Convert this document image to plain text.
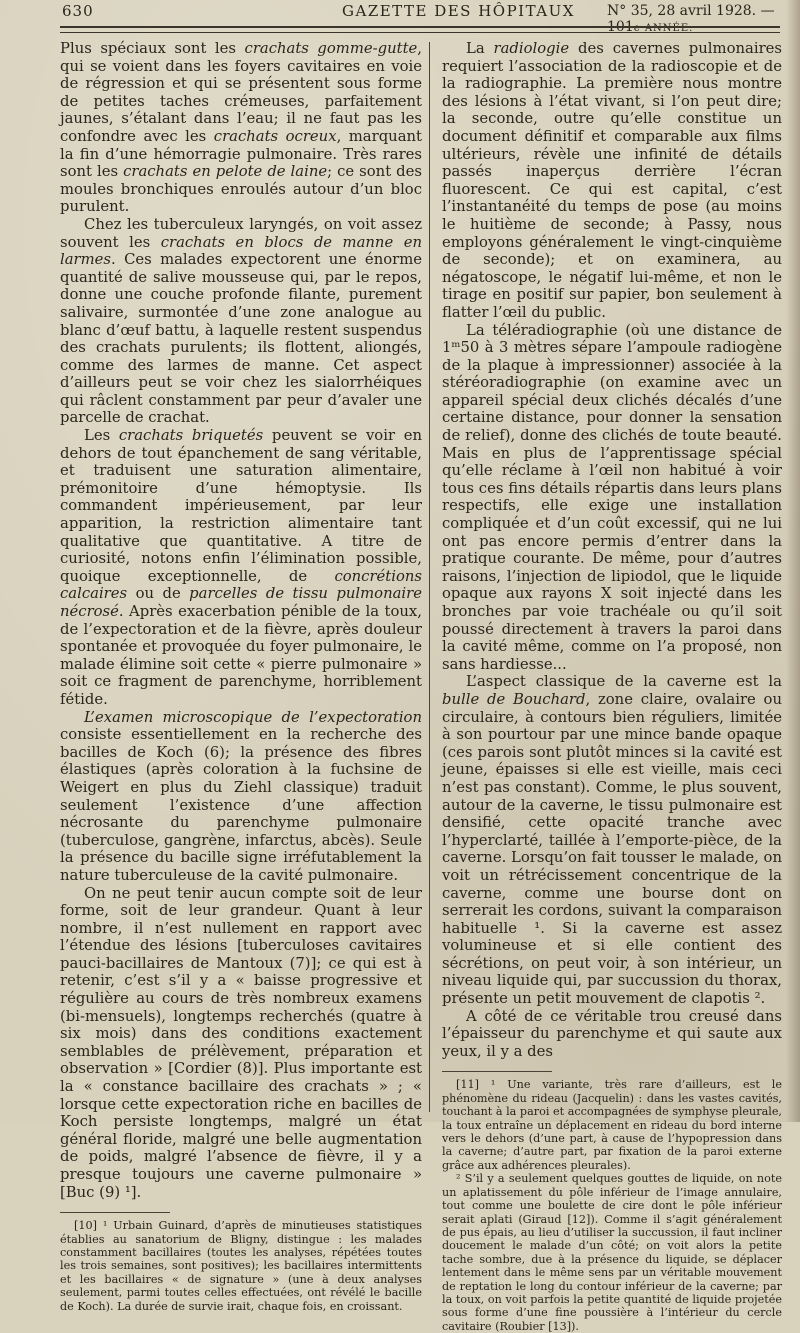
630	GAZETTE DES HÔPITAUX N° 35, 28 avril 1928. — 101e ANNÉE.

Plus spéciaux sont les crachats gomme-gutte, qui se voient dans les foyers cavitaires en voie de régression et qui se présentent sous forme de petites taches crémeuses, parfaitement jaunes, s’étalant dans l’eau; il ne faut pas les confondre avec les crachats ocreux, marquant la fin d’une hémorragie pulmonaire. Très rares sont les crachats en pelote de laine; ce sont des moules bronchiques enroulés autour d’un bloc purulent.

Chez les tuberculeux laryngés, on voit assez souvent les crachats en blocs de manne en larmes. Ces malades expectorent une énorme quantité de salive mousseuse qui, par le repos, donne une couche profonde filante, purement salivaire, surmontée d’une zone analogue au blanc d’œuf battu, à laquelle restent suspendus des crachats purulents; ils flottent, aliongés, comme des larmes de manne. Cet aspect d’ailleurs peut se voir chez les sialorrhéiques qui râclent constamment par peur d’avaler une parcelle de crachat.

Les crachats briquetés peuvent se voir en dehors de tout épanchement de sang véritable, et traduisent une saturation alimentaire, prémonitoire d’une hémoptysie. Ils commandent impérieusement, par leur apparition, la restriction alimentaire tant qualitative que quantitative. A titre de curiosité, notons enfin l’élimination possible, quoique exceptionnelle, de concrétions calcaires ou de parcelles de tissu pulmonaire nécrosé. Après exacerbation pénible de la toux, de l’expectoration et de la fièvre, après douleur spontanée et provoquée du foyer pulmonaire, le malade élimine soit cette « pierre pulmonaire » soit ce fragment de parenchyme, horriblement fétide.

L’examen microscopique de l’expectoration consiste essentiellement en la recherche des bacilles de Koch (6); la présence des fibres élastiques (après coloration à la fuchsine de Weigert en plus du Ziehl classique) traduit seulement l’existence d’une affection nécrosante du parenchyme pulmonaire (tuberculose, gangrène, infarctus, abcès). Seule la présence du bacille signe irréfutablement la nature tuberculeuse de la cavité pulmonaire.

On ne peut tenir aucun compte soit de leur forme, soit de leur grandeur. Quant à leur nombre, il n’est nullement en rapport avec l’étendue des lésions [tuberculoses cavitaires pauci-bacillaires de Mantoux (7)]; ce qui est à retenir, c’est s’il y a « baisse progressive et régulière au cours de très nombreux examens (bi-mensuels), longtemps recherchés (quatre à six mois) dans des conditions exactement semblables de prélèvement, préparation et observation » [Cordier (8)]. Plus importante est la « constance bacillaire des crachats » ; « lorsque cette expectoration riche en bacilles de Koch persiste longtemps, malgré un état général floride, malgré une belle augmentation de poids, malgré l’absence de fièvre, il y a presque toujours une caverne pulmonaire » [Buc (9) ¹].

[10] ¹ Urbain Guinard, d’après de minutieuses statistiques établies au sanatorium de Bligny, distingue : les malades constamment bacillaires (toutes les analyses, répétées toutes les trois semaines, sont positives); les bacillaires intermittents et les bacillaires « de signature » (une à deux analyses seulement, parmi toutes celles effectuées, ont révélé le bacille de Koch). La durée de survie irait, chaque fois, en croissant.

La radiologie des cavernes pulmonaires requiert l’association de la radioscopie et de la radiographie. La première nous montre des lésions à l’état vivant, si l’on peut dire; la seconde, outre qu’elle constitue un document définitif et comparable aux films ultérieurs, révèle une infinité de détails passés inaperçus derrière l’écran fluorescent. Ce qui est capital, c’est l’instantanéité du temps de pose (au moins le huitième de seconde; à Passy, nous employons généralement le vingt-cinquième de seconde); et on examinera, au négatoscope, le négatif lui-même, et non le tirage en positif sur papier, bon seulement à flatter l’œil du public.

La téléradiographie (où une distance de 1ᵐ50 à 3 mètres sépare l’ampoule radiogène de la plaque à impressionner) associée à la stéréoradiographie (on examine avec un appareil spécial deux clichés décalés d’une certaine distance, pour donner la sensation de relief), donne des clichés de toute beauté. Mais en plus de l’apprentissage spécial qu’elle réclame à l’œil non habitué à voir tous ces fins détails répartis dans leurs plans respectifs, elle exige une installation compliquée et d’un coût excessif, qui ne lui ont pas encore permis d’entrer dans la pratique courante. De même, pour d’autres raisons, l’injection de lipiodol, que le liquide opaque aux rayons X soit injecté dans les bronches par voie trachéale ou qu’il soit poussé directement à travers la paroi dans la cavité même, comme on l’a proposé, non sans hardiesse...

L’aspect classique de la caverne est la bulle de Bouchard, zone claire, ovalaire ou circulaire, à contours bien réguliers, limitée à son pourtour par une mince bande opaque (ces parois sont plutôt minces si la cavité est jeune, épaisses si elle est vieille, mais ceci n’est pas constant). Comme, le plus souvent, autour de la caverne, le tissu pulmonaire est densifié, cette opacité tranche avec l’hyperclarté, taillée à l’emporte-pièce, de la caverne. Lorsqu’on fait tousser le malade, on voit un rétrécissement concentrique de la caverne, comme une bourse dont on serrerait les cordons, suivant la comparaison habituelle ¹. Si la caverne est assez volumineuse et si elle contient des sécrétions, on peut voir, à son intérieur, un niveau liquide qui, par succussion du thorax, présente un petit mouvement de clapotis ².

A côté de ce véritable trou creusé dans l’épaisseur du parenchyme et qui saute aux yeux, il y a des

[11] ¹ Une variante, très rare d’ailleurs, est le phénomène du rideau (Jacquelin) : dans les vastes cavités, touchant à la paroi et accompagnées de symphyse pleurale, la toux entraîne un déplacement en rideau du bord interne vers le dehors (d’une part, à cause de l’hypopression dans la caverne; d’autre part, par fixation de la paroi externe grâce aux adhérences pleurales).

² S’il y a seulement quelques gouttes de liquide, on note un aplatissement du pôle inférieur de l’image annulaire, tout comme une boulette de cire dont le pôle inférieur serait aplati (Giraud [12]). Comme il s’agit généralement de pus épais, au lieu d’utiliser la succussion, il faut incliner doucement le malade d’un côté; on voit alors la petite tache sombre, due à la présence du liquide, se déplacer lentement dans le même sens par un véritable mouvement de reptation le long du contour inférieur de la caverne; par la toux, on voit parfois la petite quantité de liquide projetée sous forme d’une fine poussière à l’intérieur du cercle cavitaire (Roubier [13]).
